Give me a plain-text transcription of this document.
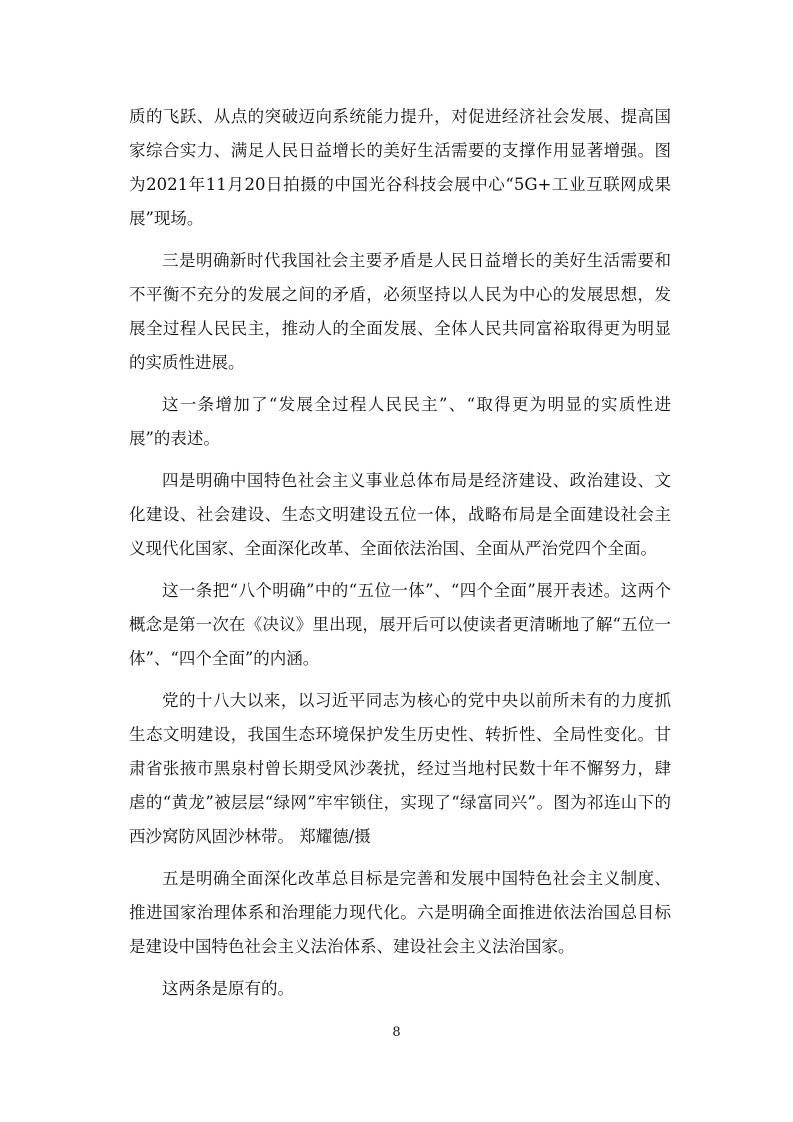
质的飞跃、从点的突破迈向系统能力提升，对促进经济社会发展、提高国家综合实力、满足人民日益增长的美好生活需要的支撑作用显著增强。图为2021年11月20日拍摄的中国光谷科技会展中心“5G+工业互联网成果展”现场。

三是明确新时代我国社会主要矛盾是人民日益增长的美好生活需要和不平衡不充分的发展之间的矛盾，必须坚持以人民为中心的发展思想，发展全过程人民民主，推动人的全面发展、全体人民共同富裕取得更为明显的实质性进展。

这一条增加了“发展全过程人民民主”、“取得更为明显的实质性进展”的表述。

四是明确中国特色社会主义事业总体布局是经济建设、政治建设、文化建设、社会建设、生态文明建设五位一体，战略布局是全面建设社会主义现代化国家、全面深化改革、全面依法治国、全面从严治党四个全面。

这一条把“八个明确”中的“五位一体”、“四个全面”展开表述。这两个概念是第一次在《决议》里出现，展开后可以使读者更清晰地了解“五位一体”、“四个全面”的内涵。

党的十八大以来，以习近平同志为核心的党中央以前所未有的力度抓生态文明建设，我国生态环境保护发生历史性、转折性、全局性变化。甘肃省张掖市黑泉村曾长期受风沙袭扰，经过当地村民数十年不懈努力，肆虐的“黄龙”被层层“绿网”牢牢锁住，实现了“绿富同兴”。图为祁连山下的西沙窝防风固沙林带。 郑耀德/摄

五是明确全面深化改革总目标是完善和发展中国特色社会主义制度、推进国家治理体系和治理能力现代化。六是明确全面推进依法治国总目标是建设中国特色社会主义法治体系、建设社会主义法治国家。

这两条是原有的。

8
